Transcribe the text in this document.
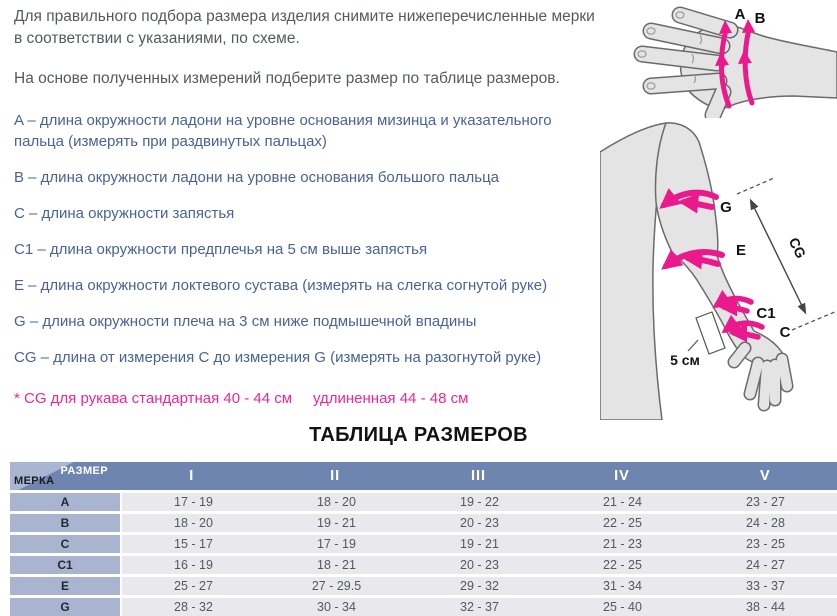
Для правильного подбора размера изделия снимите нижеперечисленные мерки в соответствии с указаниями, по схеме.
На основе полученных измерений подберите размер по таблице размеров.
A – длина окружности ладони на уровне основания мизинца и указательного пальца (измерять при раздвинутых пальцах)
B – длина окружности ладони на уровне основания большого пальца
C – длина окружности запястья
C1 – длина окружности предплечья на 5 см выше запястья
E – длина окружности локтевого сустава (измерять на слегка согнутой руке)
G – длина окружности плеча на 3 см ниже подмышечной впадины
CG – длина от измерения C до измерения G (измерять на разогнутой руке)
* CG для рукава стандартная 40 - 44 см удлиненная 44 - 48 см
A B
G
E
C1
C
CG
5 см
ТАБЛИЦА РАЗМЕРОВ
РАЗМЕР
МЕРКА	I	II	III	IV	V
A	17 - 19	18 - 20	19 - 22	21 - 24	23 - 27
B	18 - 20	19 - 21	20 - 23	22 - 25	24 - 28
C	15 - 17	17 - 19	19 - 21	21 - 23	23 - 25
C1	16 - 19	18 - 21	20 - 23	22 - 25	24 - 27
E	25 - 27	27 - 29.5	29 - 32	31 - 34	33 - 37
G	28 - 32	30 - 34	32 - 37	25 - 40	38 - 44
